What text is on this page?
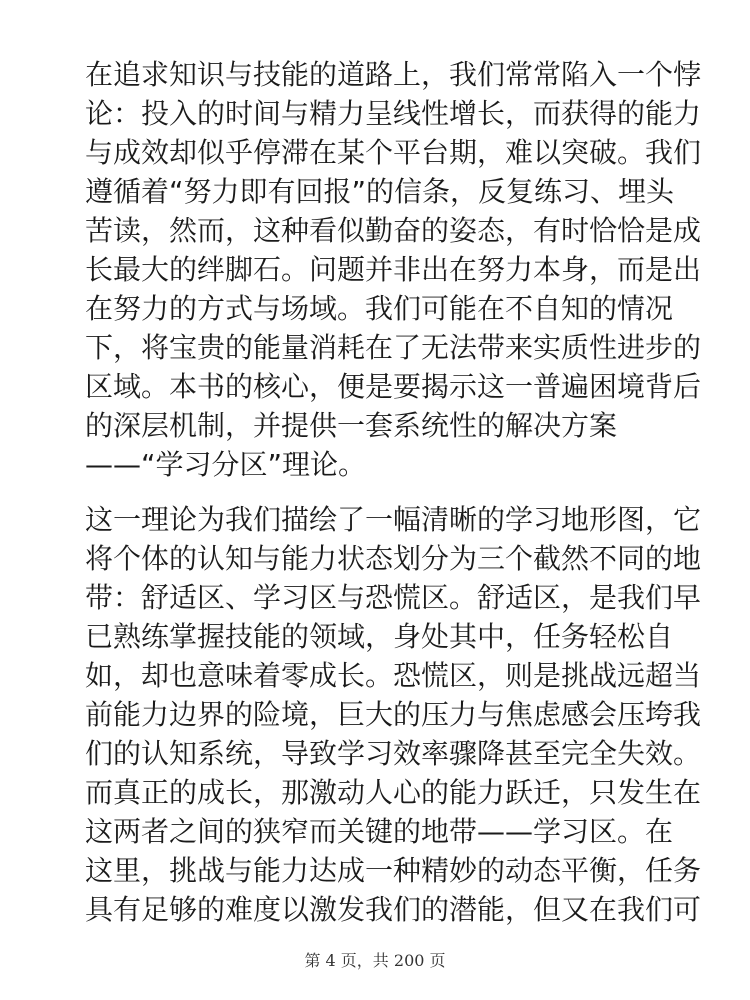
在追求知识与技能的道路上，我们常常陷入一个悖

论：投入的时间与精力呈线性增长，而获得的能力

与成效却似乎停滞在某个平台期，难以突破。我们

遵循着“努力即有回报”的信条，反复练习、埋头

苦读，然而，这种看似勤奋的姿态，有时恰恰是成

长最大的绊脚石。问题并非出在努力本身，而是出

在努力的方式与场域。我们可能在不自知的情况

下，将宝贵的能量消耗在了无法带来实质性进步的

区域。本书的核心，便是要揭示这一普遍困境背后

的深层机制，并提供一套系统性的解决方案

——“学习分区”理论。

这一理论为我们描绘了一幅清晰的学习地形图，它

将个体的认知与能力状态划分为三个截然不同的地

带：舒适区、学习区与恐慌区。舒适区，是我们早

已熟练掌握技能的领域，身处其中，任务轻松自

如，却也意味着零成长。恐慌区，则是挑战远超当

前能力边界的险境，巨大的压力与焦虑感会压垮我

们的认知系统，导致学习效率骤降甚至完全失效。

而真正的成长，那激动人心的能力跃迁，只发生在

这两者之间的狭窄而关键的地带——学习区。在

这里，挑战与能力达成一种精妙的动态平衡，任务

具有足够的难度以激发我们的潜能，但又在我们可

第 4 页，共 200 页
